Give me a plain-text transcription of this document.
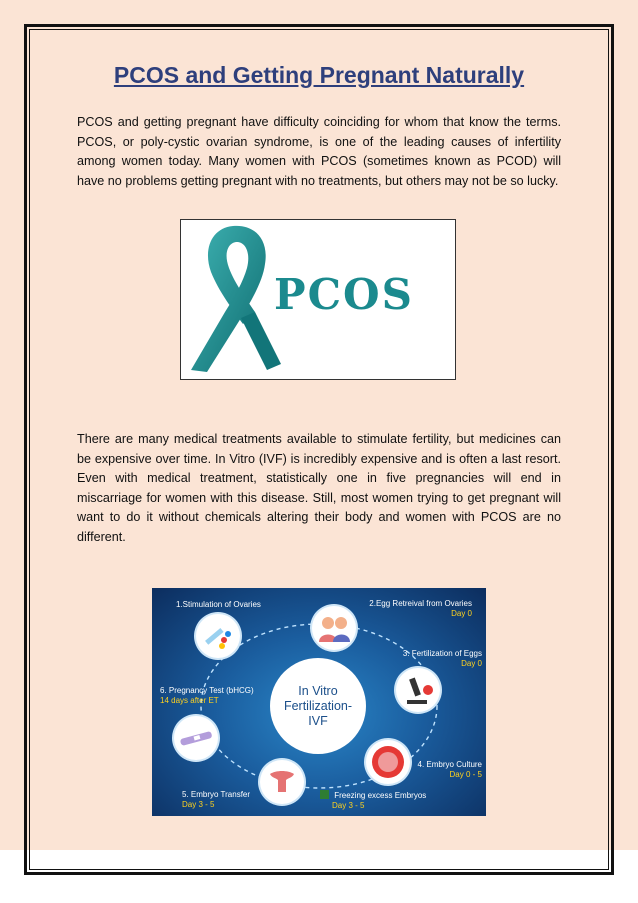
PCOS and Getting Pregnant Naturally

PCOS and getting pregnant have difficulty coinciding for whom that know the terms. PCOS, or poly-cystic ovarian syndrome, is one of the leading causes of infertility among women today. Many women with PCOS (sometimes known as PCOD) will have no problems getting pregnant with no treatments, but others may not be so lucky.

PCOS

There are many medical treatments available to stimulate fertility, but medicines can be expensive over time. In Vitro (IVF) is incredibly expensive and is often a last resort. Even with medical treatment, statistically one in five pregnancies will end in miscarriage for women with this disease. Still, most women trying to get pregnant will want to do it without chemicals altering their body and women with PCOS are no different.

In Vitro
Fertilization-
IVF
1.Stimulation of Ovaries	2.Egg Retreival from Ovaries
Day 0
3. Fertilization of Eggs
Day 0
4. Embryo Culture
Day 0 - 5
5. Embryo Transfer
Day 3 - 5
6. Pregnancy Test (bHCG)
14 days after ET
Freezing excess Embryos
Day 3 - 5
